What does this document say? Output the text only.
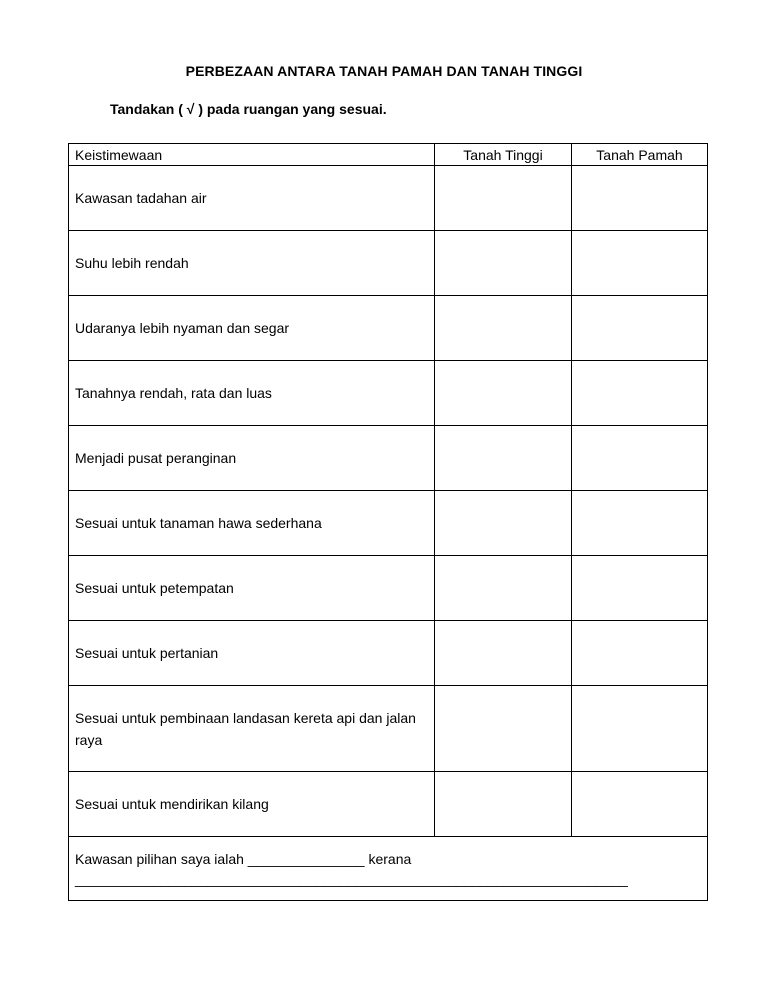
PERBEZAAN ANTARA TANAH PAMAH DAN TANAH TINGGI
Tandakan ( √ ) pada ruangan yang sesuai.
Keistimewaan	Tanah Tinggi	Tanah Pamah
Kawasan tadahan air		
Suhu lebih rendah		
Udaranya lebih nyaman dan segar		
Tanahnya rendah, rata dan luas		
Menjadi pusat peranginan		
Sesuai untuk tanaman hawa sederhana		
Sesuai untuk petempatan		
Sesuai untuk pertanian		
Sesuai untuk pembinaan landasan kereta api dan jalan raya		
Sesuai untuk mendirikan kilang		

Kawasan pilihan saya ialah _______________ kerana
_______________________________________________________________________		
